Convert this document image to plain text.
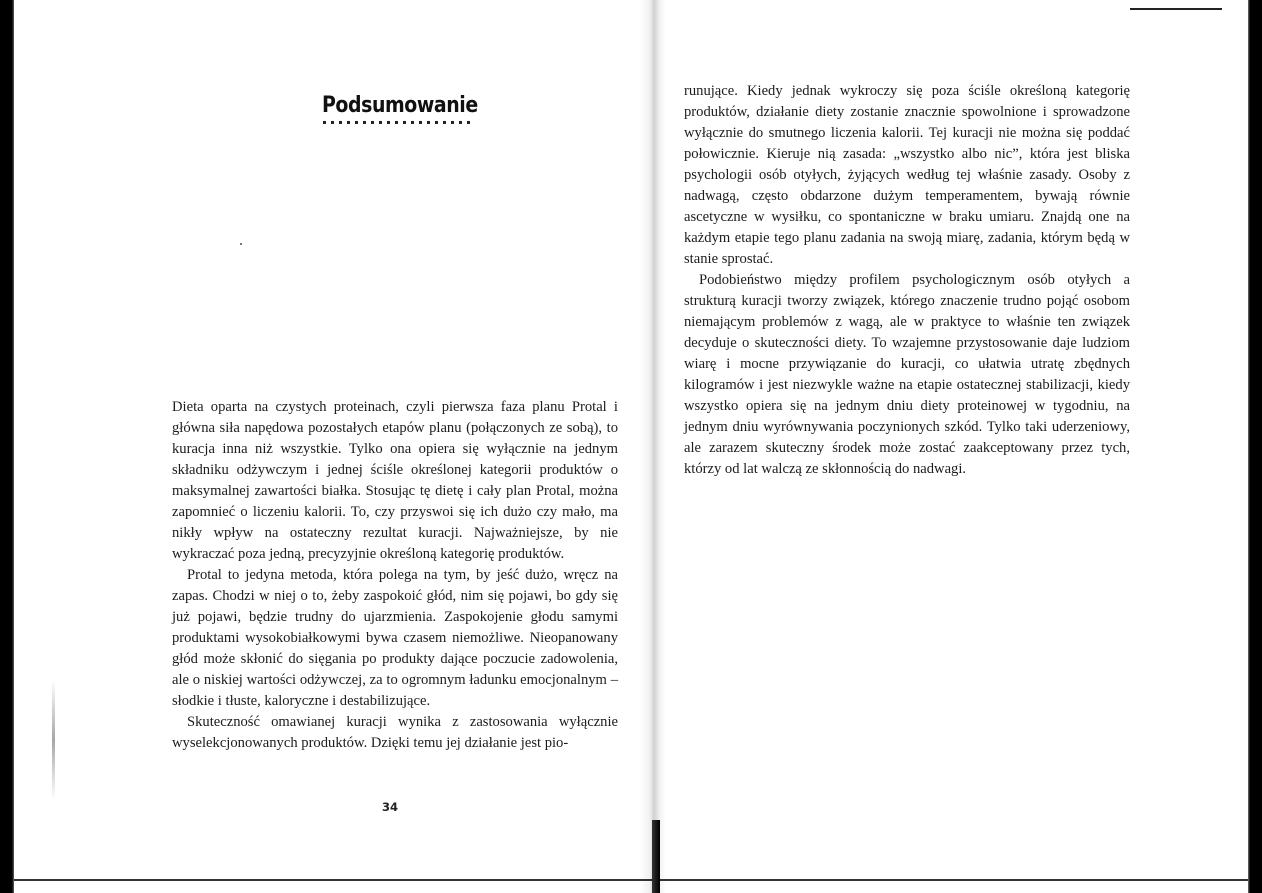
Podsumowanie

Dieta oparta na czystych proteinach, czyli pierwsza faza planu Protal i główna siła napędowa pozostałych etapów planu (połączonych ze sobą), to kuracja inna niż wszystkie. Tylko ona opiera się wyłącznie na jednym składniku odżywczym i jednej ściśle określonej kategorii produktów o maksymalnej zawartości białka. Stosując tę dietę i cały plan Protal, można zapomnieć o liczeniu kalorii. To, czy przyswoi się ich dużo czy mało, ma nikły wpływ na ostateczny rezultat kuracji. Najważniejsze, by nie wykraczać poza jedną, precyzyjnie określoną kategorię produktów.

Protal to jedyna metoda, która polega na tym, by jeść dużo, wręcz na zapas. Chodzi w niej o to, żeby zaspokoić głód, nim się pojawi, bo gdy się już pojawi, będzie trudny do ujarzmienia. Zaspokojenie głodu samymi produktami wysokobiałkowymi bywa czasem niemożliwe. Nieopanowany głód może skłonić do sięgania po produkty dające poczucie zadowolenia, ale o niskiej wartości odżywczej, za to ogromnym ładunku emocjonalnym – słodkie i tłuste, kaloryczne i destabilizujące.

Skuteczność omawianej kuracji wynika z zastosowania wyłącznie wyselekcjonowanych produktów. Dzięki temu jej działanie jest pio-

34

runujące. Kiedy jednak wykroczy się poza ściśle określoną kategorię produktów, działanie diety zostanie znacznie spowolnione i sprowadzone wyłącznie do smutnego liczenia kalorii. Tej kuracji nie można się poddać połowicznie. Kieruje nią zasada: „wszystko albo nic”, która jest bliska psychologii osób otyłych, żyjących według tej właśnie zasady. Osoby z nadwagą, często obdarzone dużym temperamentem, bywają równie ascetyczne w wysiłku, co spontaniczne w braku umiaru. Znajdą one na każdym etapie tego planu zadania na swoją miarę, zadania, którym będą w stanie sprostać.

Podobieństwo między profilem psychologicznym osób otyłych a strukturą kuracji tworzy związek, którego znaczenie trudno pojąć osobom niemającym problemów z wagą, ale w praktyce to właśnie ten związek decyduje o skuteczności diety. To wzajemne przystosowanie daje ludziom wiarę i mocne przywiązanie do kuracji, co ułatwia utratę zbędnych kilogramów i jest niezwykle ważne na etapie ostatecznej stabilizacji, kiedy wszystko opiera się na jednym dniu diety proteinowej w tygodniu, na jednym dniu wyrównywania poczynionych szkód. Tylko taki uderzeniowy, ale zarazem skuteczny środek może zostać zaakceptowany przez tych, którzy od lat walczą ze skłonnością do nadwagi.
